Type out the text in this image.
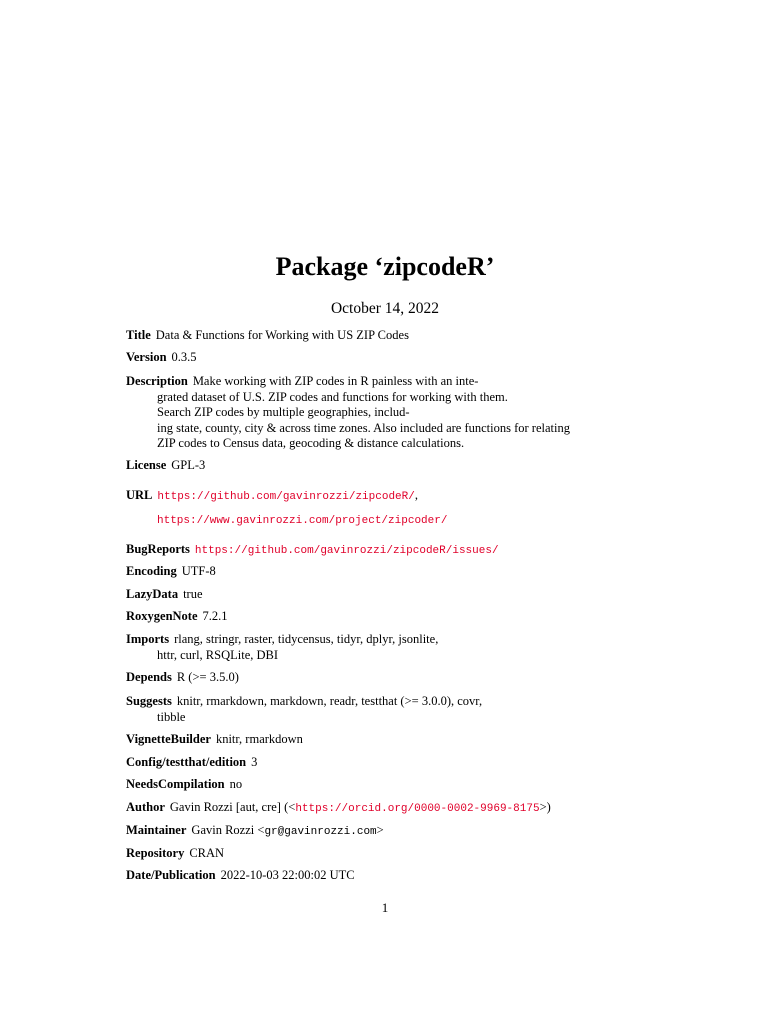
Package ‘zipcodeR’
October 14, 2022
Title Data & Functions for Working with US ZIP Codes
Version 0.3.5
Description Make working with ZIP codes in R painless with an inte-
grated dataset of U.S. ZIP codes and functions for working with them.
Search ZIP codes by multiple geographies, includ-
ing state, county, city & across time zones. Also included are functions for relating
ZIP codes to Census data, geocoding & distance calculations.
License GPL-3
URL https://github.com/gavinrozzi/zipcodeR/,
https://www.gavinrozzi.com/project/zipcoder/
BugReports https://github.com/gavinrozzi/zipcodeR/issues/
Encoding UTF-8
LazyData true
RoxygenNote 7.2.1
Imports rlang, stringr, raster, tidycensus, tidyr, dplyr, jsonlite,
httr, curl, RSQLite, DBI
Depends R (>= 3.5.0)
Suggests knitr, rmarkdown, markdown, readr, testthat (>= 3.0.0), covr,
tibble
VignetteBuilder knitr, rmarkdown
Config/testthat/edition 3
NeedsCompilation no
Author Gavin Rozzi [aut, cre] (<https://orcid.org/0000-0002-9969-8175>)
Maintainer Gavin Rozzi <gr@gavinrozzi.com>
Repository CRAN
Date/Publication 2022-10-03 22:00:02 UTC
1
